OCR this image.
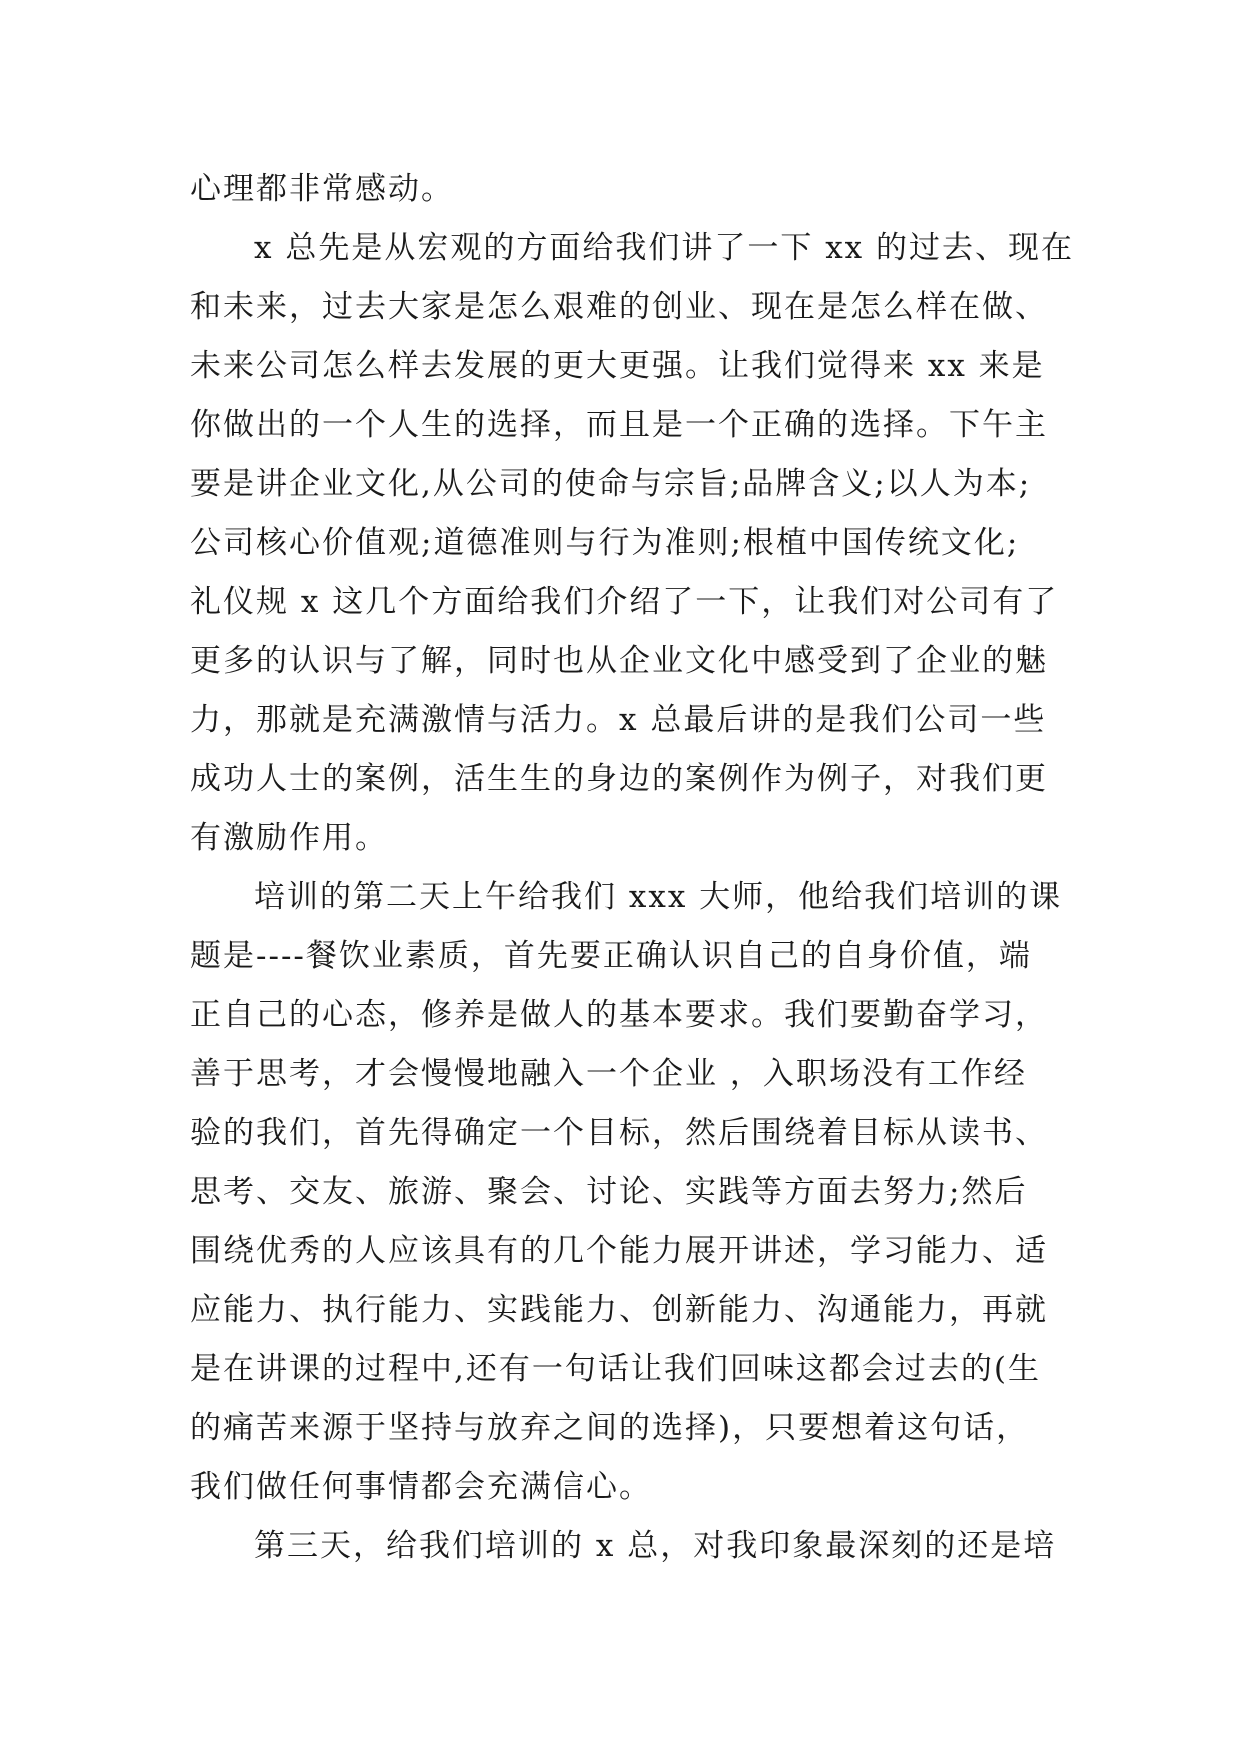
心理都非常感动。
x 总先是从宏观的方面给我们讲了一下 xx 的过去、现在
和未来，过去大家是怎么艰难的创业、现在是怎么样在做、
未来公司怎么样去发展的更大更强。让我们觉得来 xx 来是
你做出的一个人生的选择，而且是一个正确的选择。下午主
要是讲企业文化,从公司的使命与宗旨;品牌含义;以人为本;
公司核心价值观;道德准则与行为准则;根植中国传统文化;
礼仪规 x 这几个方面给我们介绍了一下，让我们对公司有了
更多的认识与了解，同时也从企业文化中感受到了企业的魅
力，那就是充满激情与活力。x 总最后讲的是我们公司一些
成功人士的案例，活生生的身边的案例作为例子，对我们更
有激励作用。
培训的第二天上午给我们 xxx 大师，他给我们培训的课
题是----餐饮业素质，首先要正确认识自己的自身价值，端
正自己的心态，修养是做人的基本要求。我们要勤奋学习，
善于思考，才会慢慢地融入一个企业 ，入职场没有工作经
验的我们，首先得确定一个目标，然后围绕着目标从读书、
思考、交友、旅游、聚会、讨论、实践等方面去努力;然后
围绕优秀的人应该具有的几个能力展开讲述，学习能力、适
应能力、执行能力、实践能力、创新能力、沟通能力，再就
是在讲课的过程中,还有一句话让我们回味这都会过去的(生
的痛苦来源于坚持与放弃之间的选择)，只要想着这句话，
我们做任何事情都会充满信心。
第三天，给我们培训的 x 总，对我印象最深刻的还是培
